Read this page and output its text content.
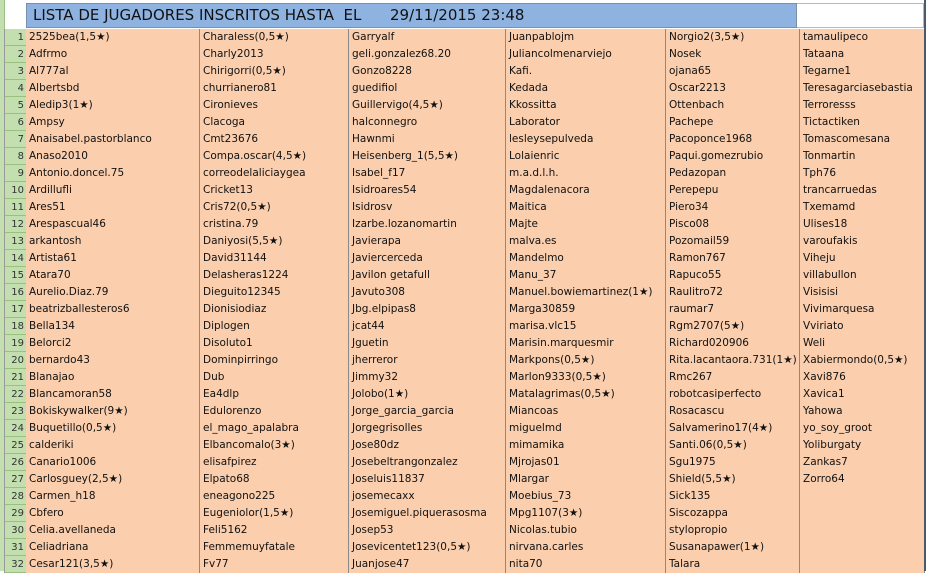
LISTA DE JUGADORES INSCRITOS HASTA  EL      29/11/2015 23:48
1 2525bea(1,5★)	Charaless(0,5★)	Garryalf	Juanpablojm	Norgio2(3,5★)	tamaulipeco
2 Adfrmo	Charly2013	geli.gonzalez68.20	Juliancolmenarviejo	Nosek	Tataana
3 Al777al	Chirigorri(0,5★)	Gonzo8228	Kafi.	ojana65	Tegarne1
4 Albertsbd	churrianero81	guedifiol	Kedada	Oscar2213	Teresagarciasebastia
5 Aledip3(1★)	Cironieves	Guillervigo(4,5★)	Kkossitta	Ottenbach	Terroresss
6 Ampsy	Clacoga	halconnegro	Laborator	Pachepe	Tictactiken
7 Anaisabel.pastorblanco	Cmt23676	Hawnmi	lesleysepulveda	Pacoponce1968	Tomascomesana
8 Anaso2010	Compa.oscar(4,5★)	Heisenberg_1(5,5★)	Lolaienric	Paqui.gomezrubio	Tonmartin
9 Antonio.doncel.75	correodelaliciaygea	Isabel_f17	m.a.d.l.h.	Pedazopan	Tph76
10 Ardillufli	Cricket13	Isidroares54	Magdalenacora	Perepepu	trancarruedas
11 Ares51	Cris72(0,5★)	Isidrosv	Maitica	Piero34	Txemamd
12 Arespascual46	cristina.79	Izarbe.lozanomartin	Majte	Pisco08	Ulises18
13 arkantosh	Daniyosi(5,5★)	Javierapa	malva.es	Pozomail59	varoufakis
14 Artista61	David31144	Javiercerceda	Mandelmo	Ramon767	Viheju
15 Atara70	Delasheras1224	Javilon getafull	Manu_37	Rapuco55	villabullon
16 Aurelio.Diaz.79	Dieguito12345	Javuto308	Manuel.bowiemartinez(1★)	Raulitro72	Visisisi
17 beatrizballesteros6	Dionisiodiaz	Jbg.elpipas8	Marga30859	raumar7	Vivimarquesa
18 Bella134	Diplogen	jcat44	marisa.vlc15	Rgm2707(5★)	Vviriato
19 Belorci2	Disoluto1	Jguetin	Marisin.marquesmir	Richard020906	Weli
20 bernardo43	Dominpirringo	jherreror	Markpons(0,5★)	Rita.lacantaora.731(1★) Xabiermondo(0,5★)
21 Blanajao	Dub	Jimmy32	Marlon9333(0,5★)	Rmc267	Xavi876
22 Blancamoran58	Ea4dlp	Jolobo(1★)	Matalagrimas(0,5★)	robotcasiperfecto	Xavica1
23 Bokiskywalker(9★)	Edulorenzo	Jorge_garcia_garcia	Miancoas	Rosacascu	Yahowa
24 Buquetillo(0,5★)	el_mago_apalabra	Jorgegrisolles	miguelmd	Salvamerino17(4★)	yo_soy_groot
25 calderiki	Elbancomalo(3★)	Jose80dz	mimamika	Santi.06(0,5★)	Yoliburgaty
26 Canario1006	elisafpirez	Josebeltrangonzalez	Mjrojas01	Sgu1975	Zankas7
27 Carlosguey(2,5★)	Elpato68	Joseluis11837	Mlargar	Shield(5,5★)	Zorro64
28 Carmen_h18	eneagono225	josemecaxx	Moebius_73	Sick135
29 Cbfero	Eugeniolor(1,5★)	Josemiguel.piquerasosma	Mpg1107(3★)	Siscozappa
30 Celia.avellaneda	Feli5162	Josep53	Nicolas.tubio	stylopropio
31 Celiadriana	Femmemuyfatale	Josevicentet123(0,5★)	nirvana.carles	Susanapawer(1★)
32 Cesar121(3,5★)	Fv77	Juanjose47	nita70	Talara
